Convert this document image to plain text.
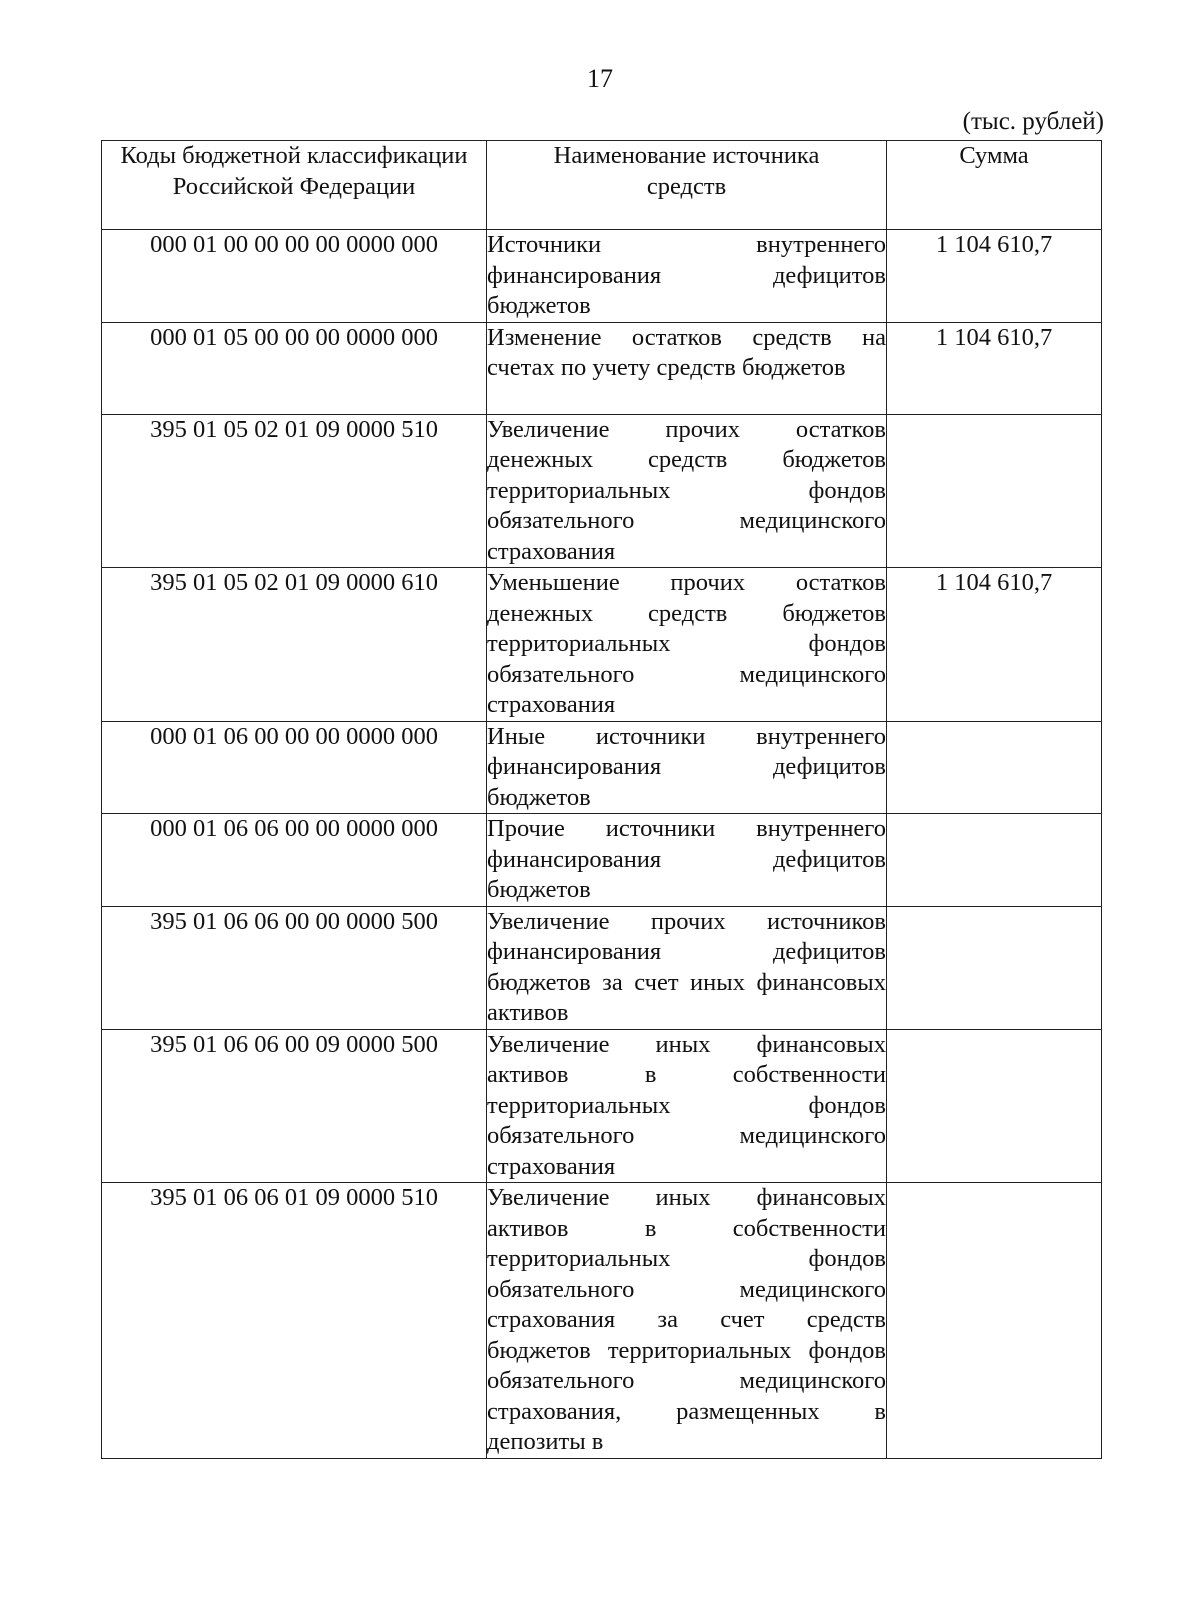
17
(тыс. рублей)
Коды бюджетной классификации Российской Федерации	Наименование источника средств	Сумма
000 01 00 00 00 00 0000 000	Источники внутреннего финансирования дефицитов бюджетов	1 104 610,7
000 01 05 00 00 00 0000 000	Изменение остатков средств на счетах по учету средств бюджетов	1 104 610,7
395 01 05 02 01 09 0000 510	Увеличение прочих остатков денежных средств бюджетов территориальных фондов обязательного медицинского страхования	
395 01 05 02 01 09 0000 610	Уменьшение прочих остатков денежных средств бюджетов территориальных фондов обязательного медицинского страхования	1 104 610,7
000 01 06 00 00 00 0000 000	Иные источники внутреннего финансирования дефицитов бюджетов	
000 01 06 06 00 00 0000 000	Прочие источники внутреннего финансирования дефицитов бюджетов	
395 01 06 06 00 00 0000 500	Увеличение прочих источников финансирования дефицитов бюджетов за счет иных финансовых активов	
395 01 06 06 00 09 0000 500	Увеличение иных финансовых активов в собственности территориальных фондов обязательного медицинского страхования	
395 01 06 06 01 09 0000 510	Увеличение иных финансовых активов в собственности территориальных фондов обязательного медицинского страхования за счет средств бюджетов территориальных фондов обязательного медицинского страхования, размещенных в депозиты в	
